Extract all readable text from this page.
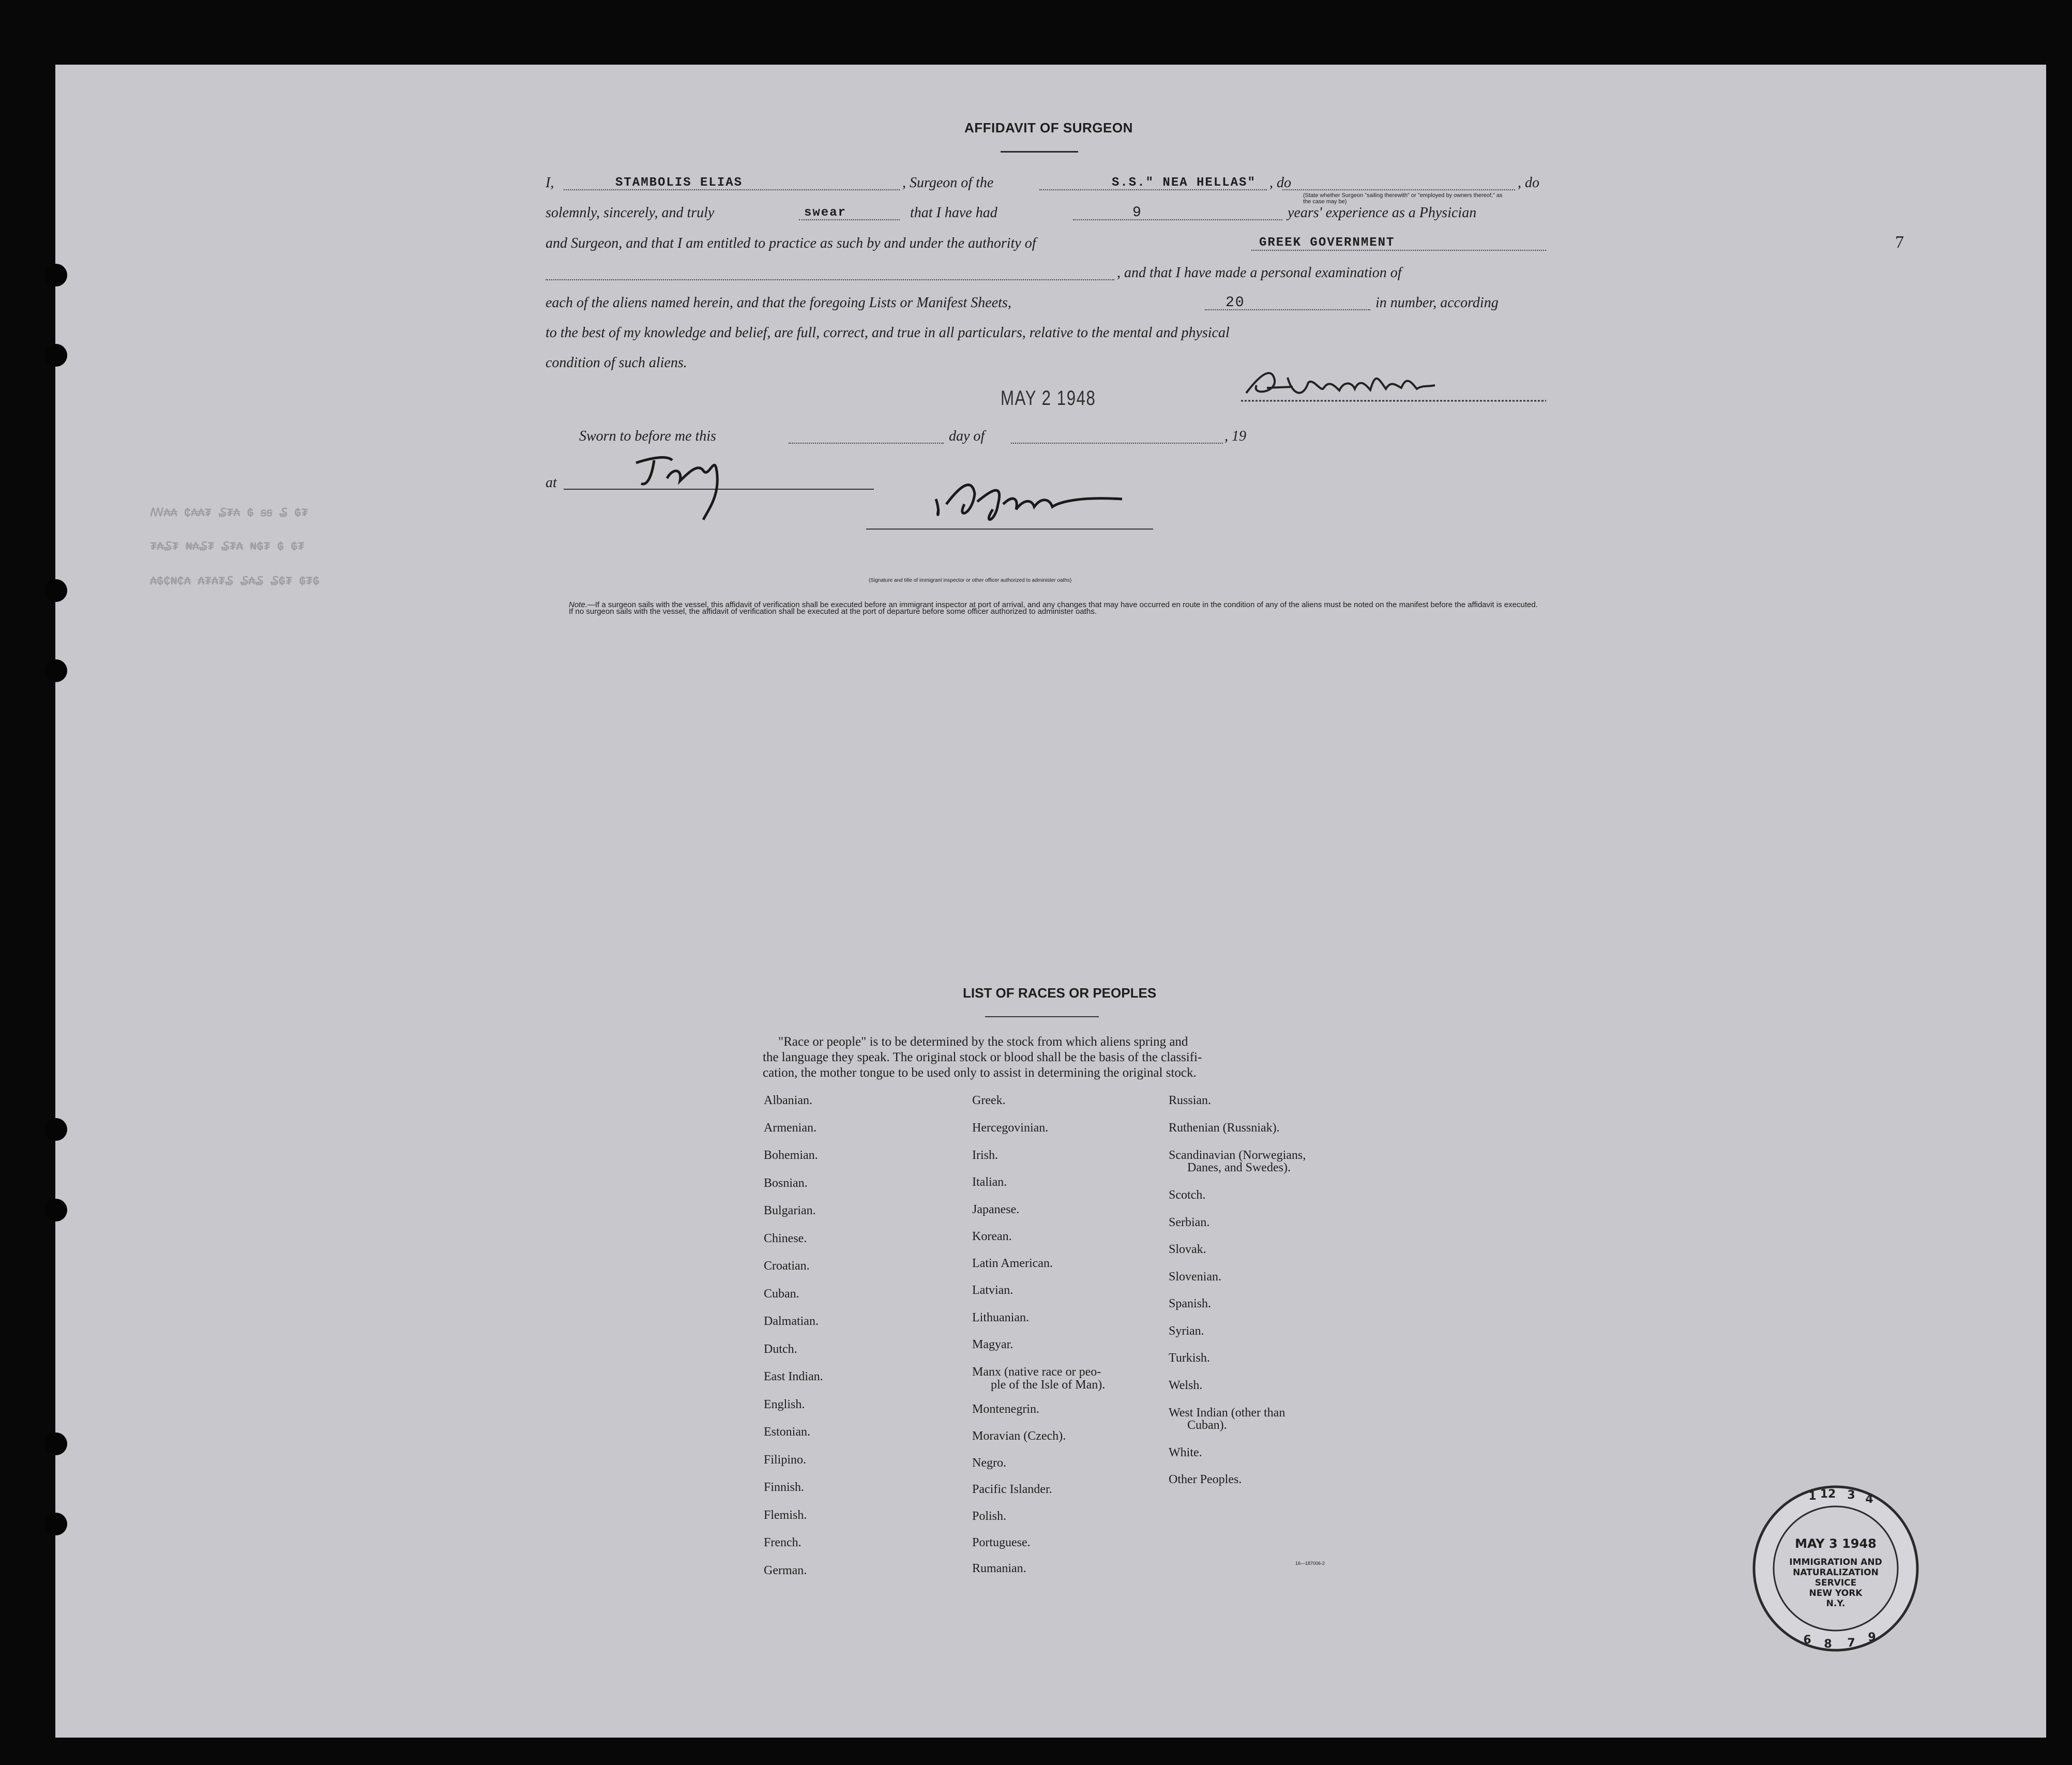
7
ꟿ₳₳ ₵₳₳₮ ₷₮₳ ₲ ꞩꞩ ₷ ₲₮
₮₳₷₮ ₦₳₷₮ ₷₮₳ ₦₲₮ ₲ ₲₮
₳₲₵₦₵₳ ₳₮₳₮₷ ₷₳₷ ₷₲₮ ₲₮₲
AFFIDAVIT OF SURGEON
I,	STAMBOLIS ELIAS	, Surgeon of the	S.S." NEA HELLAS" , do	, do
(State whether Surgeon "sailing therewith" or "employed by owners thereof," as the case may be)
solemnly, sincerely, and truly	swear	that I have had	9	years' experience as a Physician
and Surgeon, and that I am entitled to practice as such by and under the authority of	GREEK GOVERNMENT
, and that I have made a personal examination of
each of the aliens named herein, and that the foregoing Lists or Manifest Sheets,	20	in number, according
to the best of my knowledge and belief, are full, correct, and true in all particulars, relative to the mental and physical
condition of such aliens.
MAY 2 1948
Sworn to before me this	day of	, 19
at
(Signature and title of immigrant inspector or other officer authorized to administer oaths)
Note.—If a surgeon sails with the vessel, this affidavit of verification shall be executed before an immigrant inspector at port of arrival, and any changes that may have occurred en route in the condition of any of the aliens must be noted on the manifest before the affidavit is executed.
If no surgeon sails with the vessel, the affidavit of verification shall be executed at the port of departure before some officer authorized to administer oaths.
LIST OF RACES OR PEOPLES
"Race or people" is to be determined by the stock from which aliens spring and
the language they speak. The original stock or blood shall be the basis of the classifi-
cation, the mother tongue to be used only to assist in determining the original stock.
Albanian.
Armenian.
Bohemian.
Bosnian.
Bulgarian.
Chinese.
Croatian.
Cuban.
Dalmatian.
Dutch.
East Indian.
English.
Estonian.
Filipino.
Finnish.
Flemish.
French.
German.
Greek.
Hercegovinian.
Irish.
Italian.
Japanese.
Korean.
Latin American.
Latvian.
Lithuanian.
Magyar.
Manx (native race or peo-
ple of the Isle of Man).
Montenegrin.
Moravian (Czech).
Negro.
Pacific Islander.
Polish.
Portuguese.
Rumanian.
Russian.
Ruthenian (Russniak).
Scandinavian (Norwegians,
Danes, and Swedes).
Scotch.
Serbian.
Slovak.
Slovenian.
Spanish.
Syrian.
Turkish.
Welsh.
West Indian (other than
Cuban).
White.
Other Peoples.
16—187006-2
1 12 3 4
6 8 7 9
MAY 3 1948
IMMIGRATION AND
NATURALIZATION
SERVICE
NEW YORK
N.Y.
